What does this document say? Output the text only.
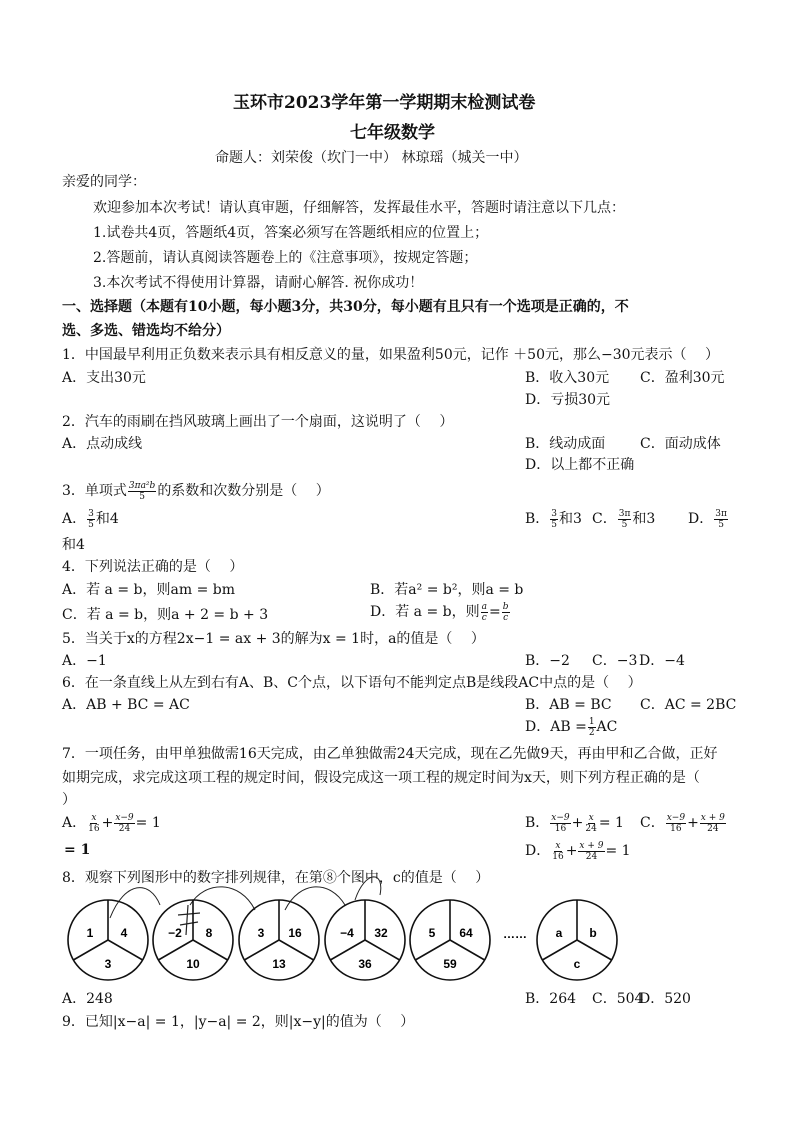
玉环市2023学年第一学期期末检测试卷
七年级数学
命题人：刘荣俊（坎门一中） 林琼瑶（城关一中）
亲爱的同学：
欢迎参加本次考试！请认真审题，仔细解答，发挥最佳水平，答题时请注意以下几点：
1.试卷共4页，答题纸4页，答案必须写在答题纸相应的位置上；
2.答题前，请认真阅读答题卷上的《注意事项》，按规定答题；
3.本次考试不得使用计算器，请耐心解答. 祝你成功！
一、选择题（本题有10小题，每小题3分，共30分，每小题有且只有一个选项是正确的，不
选、多选、错选均不给分）
1．中国最早利用正负数来表示具有相反意义的量，如果盈利50元，记作 ＋50元，那么−30元表示（　 ）
A．支出30元	B．收入30元 C．盈利30元
D．亏损30元
2．汽车的雨刷在挡风玻璃上画出了一个扇面，这说明了（　 ）
A．点动成线	B．线动成面 C．面动成体
D．以上都不正确
3．单项式 $\frac{\text{3πa²b}}{5}$ 的系数和次数分别是（　 ）
A． $\frac{3}{5}$ 和4	B． $\frac{3}{5}$ 和3 C． $\frac{3\pi}{5}$ 和3 D． $\frac{3\pi}{5}$
和4
4．下列说法正确的是（　 ）
A．若 a = b，则am = bm	B．若a² = b²，则a = b
C．若 a = b，则a + 2 = b + 3	D．若 a = b，则 $\frac{a}{c} = \frac{b}{c}$
5．当关于x的方程2x−1 = ax + 3的解为x = 1时，a的值是（　 ）
A．−1	B．−2 C．−3 D．−4
6．在一条直线上从左到右有A、B、C个点，以下语句不能判定点B是线段AC中点的是（　 ）
A．AB + BC = AC	B．AB = BC C．AC = 2BC
D．AB = $\frac{1}{2}$ AC
7．一项任务，由甲单独做需16天完成，由乙单独做需24天完成，现在乙先做9天，再由甲和乙合做，正好
如期完成，求完成这项工程的规定时间，假设完成这一项工程的规定时间为x天，则下列方程正确的是（
）
A． $\frac{x}{16} + \frac{x-9}{24} = 1$	B． $\frac{x-9}{16} + \frac{x}{24} = 1$ C． $\frac{x-9}{16} + \frac{x + 9}{24}$
= 1	D． $\frac{x}{16} + \frac{x + 9}{24} = 1$
8．观察下列图形中的数字排列规律，在第⑧个图中，c的值是（　 ）
1 4
3
−2 8
10
3 16
13
−4 32
36
5 64
59
a b
c
……
A．248	B．264 C．504
D．520
9．已知|x−a| = 1，|y−a| = 2，则|x−y|的值为（　 ）
